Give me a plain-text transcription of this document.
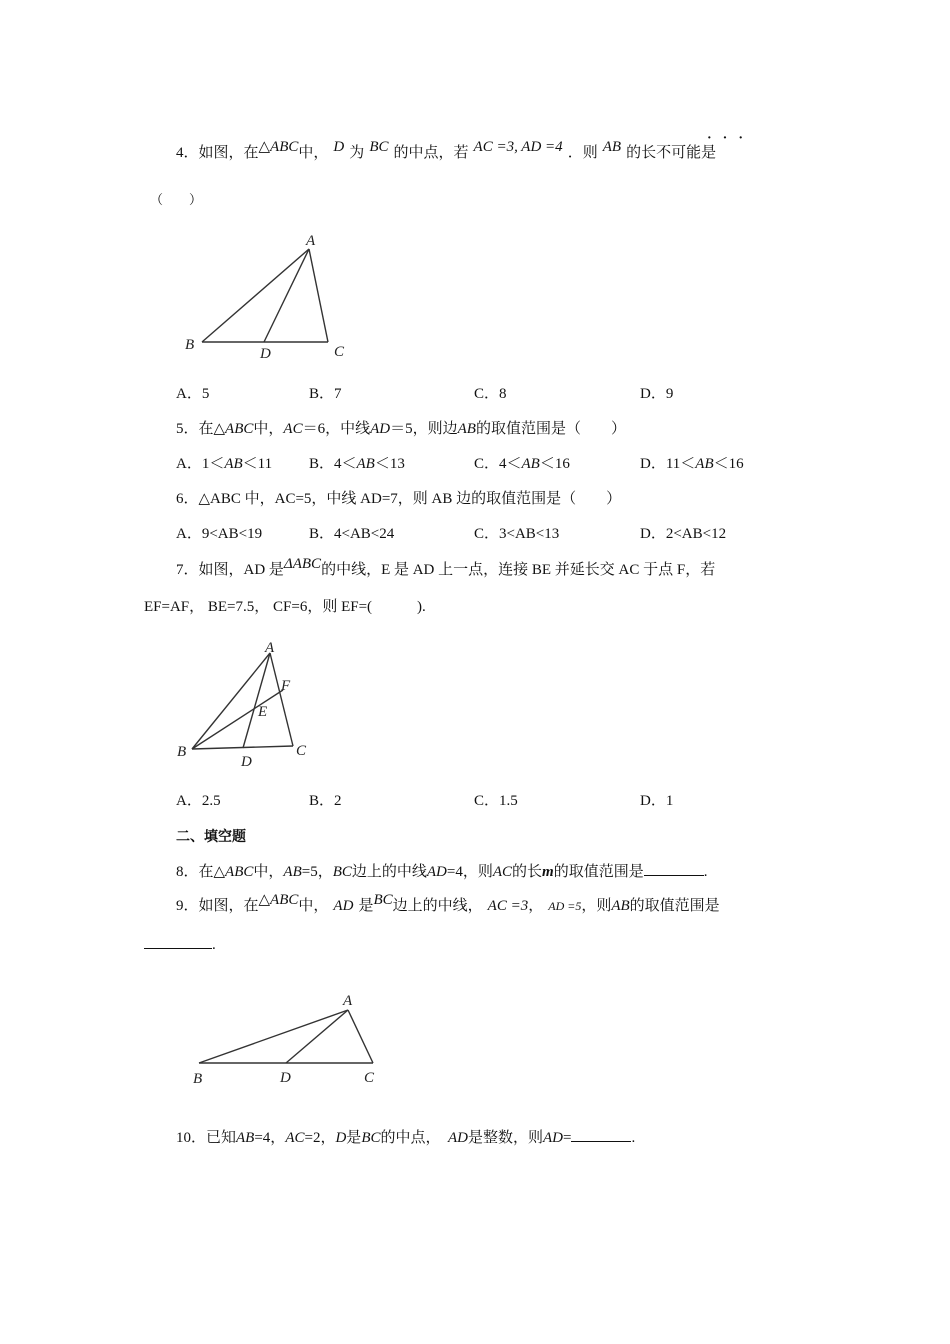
4．如图，在△ABC中，  D  为  BC  的中点，若  AC =3, AD =4  ．则  AB  的长不可能是
···
（　　）
A
B
D	C
A．5	B．7	C．8	D．9
5．在△ABC中，AC＝6，中线AD＝5，则边AB的取值范围是（　　）
A．1＜AB＜11 B．4＜AB＜13	C．4＜AB＜16	D．11＜AB＜16
6．△ABC 中，AC=5，中线 AD=7，则 AB 边的取值范围是（　　）
A．9<AB<19	B．4<AB<24	C．3<AB<13	D．2<AB<12
7．如图，AD 是ΔABC的中线，E 是 AD 上一点，连接 BE 并延长交 AC 于点 F，若
EF=AF， BE=7.5， CF=6，则 EF=(　　　).
A
F
E
B
D
C
A．2.5	B．2	C．1.5	D．1
二、填空题
8．在△ABC中，AB=5，BC边上的中线AD=4，则AC的长m的取值范围是	.
9．如图，在△ABC中，  AD  是BC边上的中线，  AC =3，  AD =5，则AB的取值范围是
.
A
B	D	C
10．已知AB=4，AC=2，D是BC的中点，  AD是整数，则AD=	.
